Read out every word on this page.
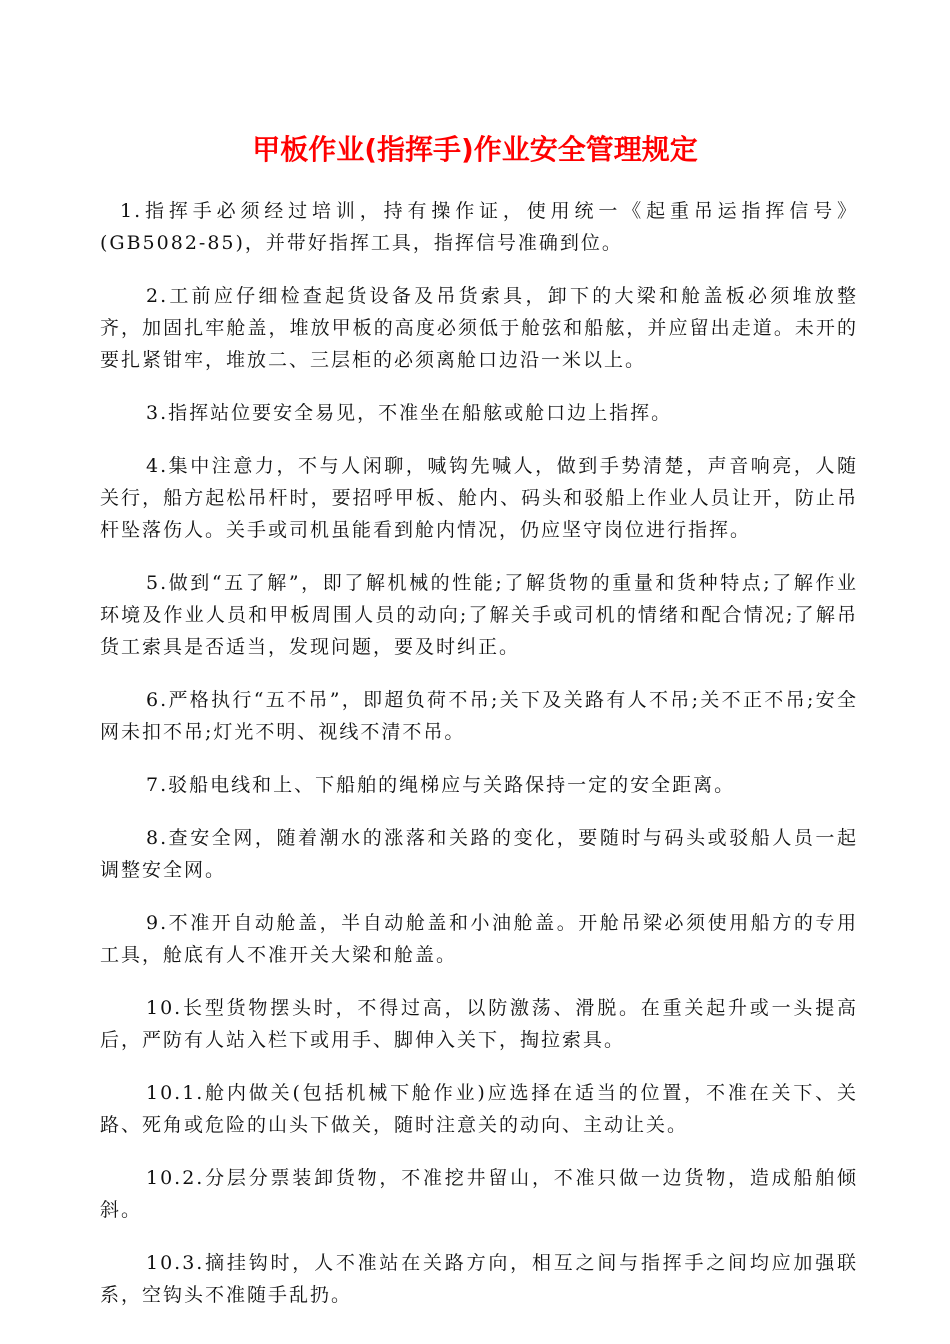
甲板作业(指挥手)作业安全管理规定

1.指挥手必须经过培训，持有操作证，使用统一《起重吊运指挥信号》(GB5082-85)，并带好指挥工具，指挥信号准确到位。

2.工前应仔细检查起货设备及吊货索具，卸下的大梁和舱盖板必须堆放整齐，加固扎牢舱盖，堆放甲板的高度必须低于舱弦和船舷，并应留出走道。未开的要扎紧钳牢，堆放二、三层柜的必须离舱口边沿一米以上。

3.指挥站位要安全易见，不准坐在船舷或舱口边上指挥。

4.集中注意力，不与人闲聊，喊钩先喊人，做到手势清楚，声音响亮，人随关行，船方起松吊杆时，要招呼甲板、舱内、码头和驳船上作业人员让开，防止吊杆坠落伤人。关手或司机虽能看到舱内情况，仍应坚守岗位进行指挥。

5.做到“五了解”，即了解机械的性能;了解货物的重量和货种特点;了解作业环境及作业人员和甲板周围人员的动向;了解关手或司机的情绪和配合情况;了解吊货工索具是否适当，发现问题，要及时纠正。

6.严格执行“五不吊”，即超负荷不吊;关下及关路有人不吊;关不正不吊;安全网未扣不吊;灯光不明、视线不清不吊。

7.驳船电线和上、下船舶的绳梯应与关路保持一定的安全距离。

8.查安全网，随着潮水的涨落和关路的变化，要随时与码头或驳船人员一起调整安全网。

9.不准开自动舱盖，半自动舱盖和小油舱盖。开舱吊梁必须使用船方的专用工具，舱底有人不准开关大梁和舱盖。

10.长型货物摆头时，不得过高，以防激荡、滑脱。在重关起升或一头提高后，严防有人站入栏下或用手、脚伸入关下，掏拉索具。

10.1.舱内做关(包括机械下舱作业)应选择在适当的位置，不准在关下、关路、死角或危险的山头下做关，随时注意关的动向、主动让关。

10.2.分层分票装卸货物，不准挖井留山，不准只做一边货物，造成船舶倾斜。

10.3.摘挂钩时，人不准站在关路方向，相互之间与指挥手之间均应加强联系，空钩头不准随手乱扔。
